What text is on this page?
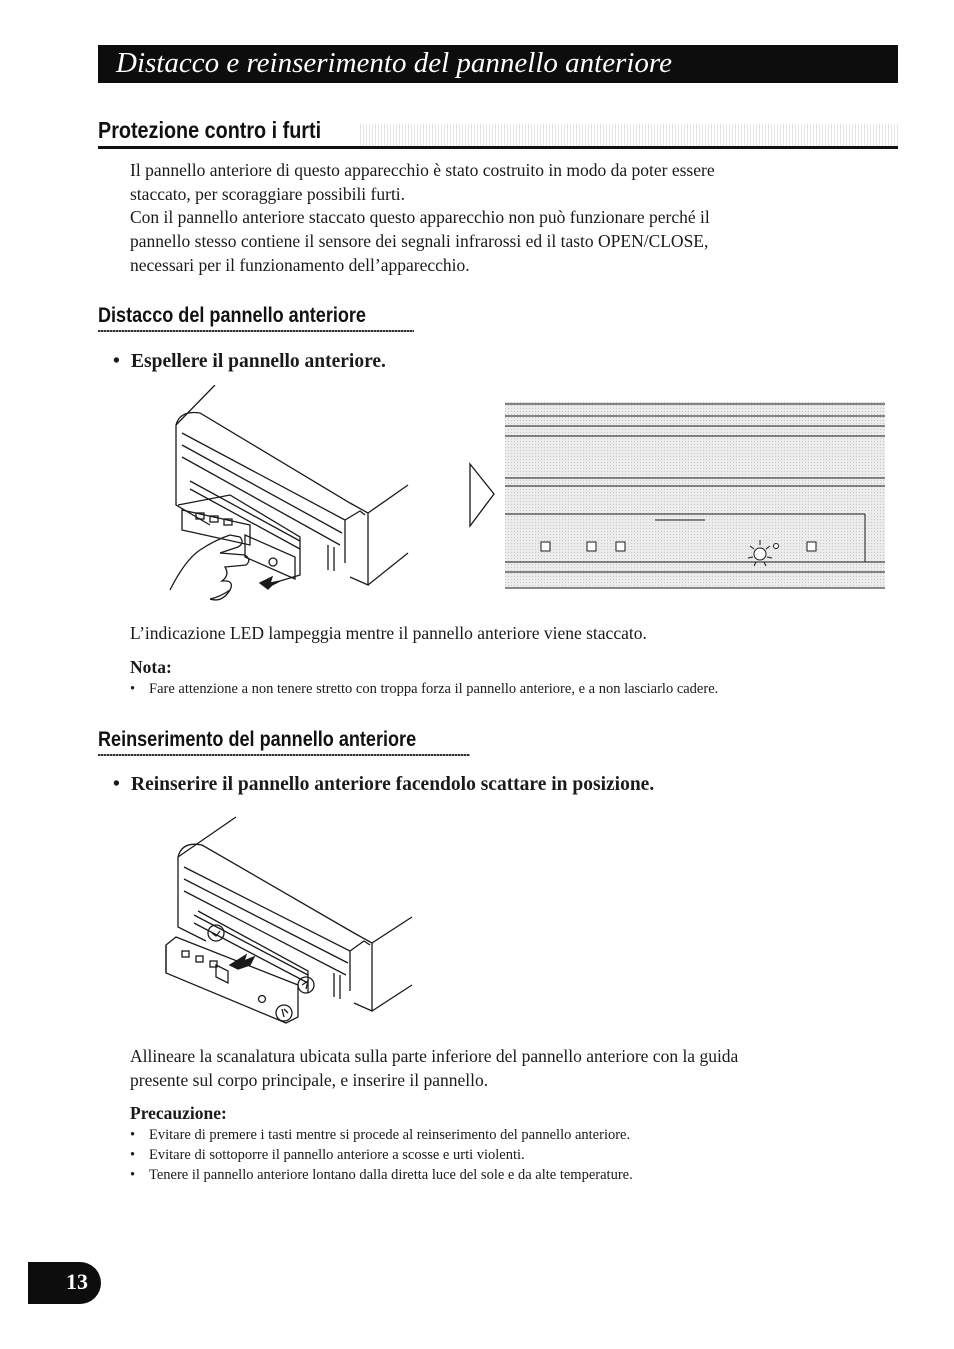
Distacco e reinserimento del pannello anteriore
Protezione contro i furti

Il pannello anteriore di questo apparecchio è stato costruito in modo da poter essere

staccato, per scoraggiare possibili furti.

Con il pannello anteriore staccato questo apparecchio non può funzionare perché il

pannello stesso contiene il sensore dei segnali infrarossi ed il tasto OPEN/CLOSE,

necessari per il funzionamento dell’apparecchio.

Distacco del pannello anteriore

• Espellere il pannello anteriore.

L’indicazione LED lampeggia mentre il pannello anteriore viene staccato.

Nota:

• Fare attenzione a non tenere stretto con troppa forza il pannello anteriore, e a non lasciarlo cadere.
Reinserimento del pannello anteriore

• Reinserire il pannello anteriore facendolo scattare in posizione.

Allineare la scanalatura ubicata sulla parte inferiore del pannello anteriore con la guida

presente sul corpo principale, e inserire il pannello.

Precauzione:

• Evitare di premere i tasti mentre si procede al reinserimento del pannello anteriore.
• Evitare di sottoporre il pannello anteriore a scosse e urti violenti.
• Tenere il pannello anteriore lontano dalla diretta luce del sole e da alte temperature.
13
